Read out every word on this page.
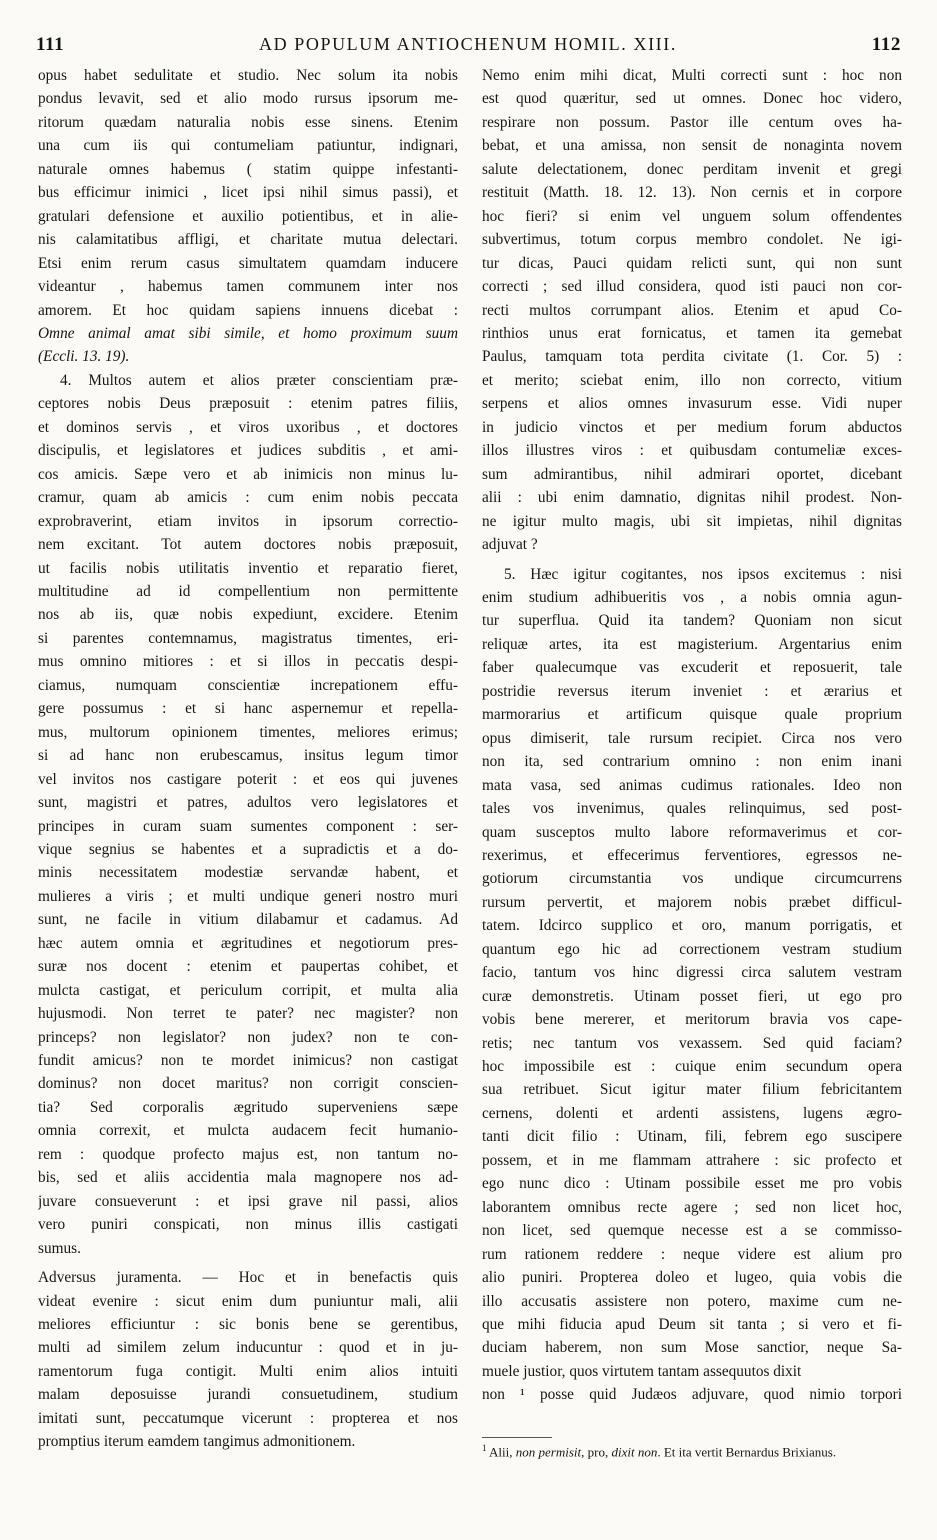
111	AD POPULUM ANTIOCHENUM HOMIL. XIII.	112
opus habet sedulitate et studio. Nec solum ita nobis
pondus levavit, sed et alio modo rursus ipsorum me-
ritorum quædam naturalia nobis esse sinens. Etenim
una cum iis qui contumeliam patiuntur, indignari,
naturale omnes habemus ( statim quippe infestanti-
bus efficimur inimici , licet ipsi nihil simus passi), et
gratulari defensione et auxilio potientibus, et in alie-
nis calamitatibus affligi, et charitate mutua delectari.
Etsi enim rerum casus simultatem quamdam inducere
videantur , habemus tamen communem inter nos
amorem. Et hoc quidam sapiens innuens dicebat :
Omne animal amat sibi simile, et homo proximum suum
(Eccli. 13. 19).
4. Multos autem et alios præter conscientiam præ-
ceptores nobis Deus præposuit : etenim patres filiis,
et dominos servis , et viros uxoribus , et doctores
discipulis, et legislatores et judices subditis , et ami-
cos amicis. Sæpe vero et ab inimicis non minus lu-
cramur, quam ab amicis : cum enim nobis peccata
exprobraverint, etiam invitos in ipsorum correctio-
nem excitant. Tot autem doctores nobis præposuit,
ut facilis nobis utilitatis inventio et reparatio fieret,
multitudine ad id compellentium non permittente
nos ab iis, quæ nobis expediunt, excidere. Etenim
si parentes contemnamus, magistratus timentes, eri-
mus omnino mitiores : et si illos in peccatis despi-
ciamus, numquam conscientiæ increpationem effu-
gere possumus : et si hanc aspernemur et repella-
mus, multorum opinionem timentes, meliores erimus;
si ad hanc non erubescamus, insitus legum timor
vel invitos nos castigare poterit : et eos qui juvenes
sunt, magistri et patres, adultos vero legislatores et
principes in curam suam sumentes component : ser-
vique segnius se habentes et a supradictis et a do-
minis necessitatem modestiæ servandæ habent, et
mulieres a viris ; et multi undique generi nostro muri
sunt, ne facile in vitium dilabamur et cadamus. Ad
hæc autem omnia et ægritudines et negotiorum pres-
suræ nos docent : etenim et paupertas cohibet, et
mulcta castigat, et periculum corripit, et multa alia
hujusmodi. Non terret te pater? nec magister? non
princeps? non legislator? non judex? non te con-
fundit amicus? non te mordet inimicus? non castigat
dominus? non docet maritus? non corrigit conscien-
tia? Sed corporalis ægritudo superveniens sæpe
omnia correxit, et mulcta audacem fecit humanio-
rem : quodque profecto majus est, non tantum no-
bis, sed et aliis accidentia mala magnopere nos ad-
juvare consueverunt : et ipsi grave nil passi, alios
vero puniri conspicati, non minus illis castigati
sumus.
Adversus juramenta. — Hoc et in benefactis quis
videat evenire : sicut enim dum puniuntur mali, alii
meliores efficiuntur : sic bonis bene se gerentibus,
multi ad similem zelum inducuntur : quod et in ju-
ramentorum fuga contigit. Multi enim alios intuiti
malam deposuisse jurandi consuetudinem, studium
imitati sunt, peccatumque vicerunt : propterea et nos
promptius iterum eamdem tangimus admonitionem.
Nemo enim mihi dicat, Multi correcti sunt : hoc non
est quod quæritur, sed ut omnes. Donec hoc videro,
respirare non possum. Pastor ille centum oves ha-
bebat, et una amissa, non sensit de nonaginta novem
salute delectationem, donec perditam invenit et gregi
restituit (Matth. 18. 12. 13). Non cernis et in corpore
hoc fieri? si enim vel unguem solum offendentes
subvertimus, totum corpus membro condolet. Ne igi-
tur dicas, Pauci quidam relicti sunt, qui non sunt
correcti ; sed illud considera, quod isti pauci non cor-
recti multos corrumpant alios. Etenim et apud Co-
rinthios unus erat fornicatus, et tamen ita gemebat
Paulus, tamquam tota perdita civitate (1. Cor. 5) :
et merito; sciebat enim, illo non correcto, vitium
serpens et alios omnes invasurum esse. Vidi nuper
in judicio vinctos et per medium forum abductos
illos illustres viros : et quibusdam contumeliæ exces-
sum admirantibus, nihil admirari oportet, dicebant
alii : ubi enim damnatio, dignitas nihil prodest. Non-
ne igitur multo magis, ubi sit impietas, nihil dignitas
adjuvat ?
5. Hæc igitur cogitantes, nos ipsos excitemus : nisi
enim studium adhibueritis vos , a nobis omnia agun-
tur superflua. Quid ita tandem? Quoniam non sicut
reliquæ artes, ita est magisterium. Argentarius enim
faber qualecumque vas excuderit et reposuerit, tale
postridie reversus iterum inveniet : et ærarius et
marmorarius et artificum quisque quale proprium
opus dimiserit, tale rursum recipiet. Circa nos vero
non ita, sed contrarium omnino : non enim inani
mata vasa, sed animas cudimus rationales. Ideo non
tales vos invenimus, quales relinquimus, sed post-
quam susceptos multo labore reformaverimus et cor-
rexerimus, et effecerimus ferventiores, egressos ne-
gotiorum circumstantia vos undique circumcurrens
rursum pervertit, et majorem nobis præbet difficul-
tatem. Idcirco supplico et oro, manum porrigatis, et
quantum ego hic ad correctionem vestram studium
facio, tantum vos hinc digressi circa salutem vestram
curæ demonstretis. Utinam posset fieri, ut ego pro
vobis bene mererer, et meritorum bravia vos cape-
retis; nec tantum vos vexassem. Sed quid faciam?
hoc impossibile est : cuique enim secundum opera
sua retribuet. Sicut igitur mater filium febricitantem
cernens, dolenti et ardenti assistens, lugens ægro-
tanti dicit filio : Utinam, fili, febrem ego suscipere
possem, et in me flammam attrahere : sic profecto et
ego nunc dico : Utinam possibile esset me pro vobis
laborantem omnibus recte agere ; sed non licet hoc,
non licet, sed quemque necesse est a se commisso-
rum rationem reddere : neque videre est alium pro
alio puniri. Propterea doleo et lugeo, quia vobis die
illo accusatis assistere non potero, maxime cum ne-
que mihi fiducia apud Deum sit tanta ; si vero et fi-
duciam haberem, non sum Mose sanctior, neque Sa-
muele justior, quos virtutem tantam assequutos dixit
non ¹ posse quid Judæos adjuvare, quod nimio torpori
$^1$ Alii, non permisit, pro, dixit non. Et ita vertit Bernardus Brixianus.
